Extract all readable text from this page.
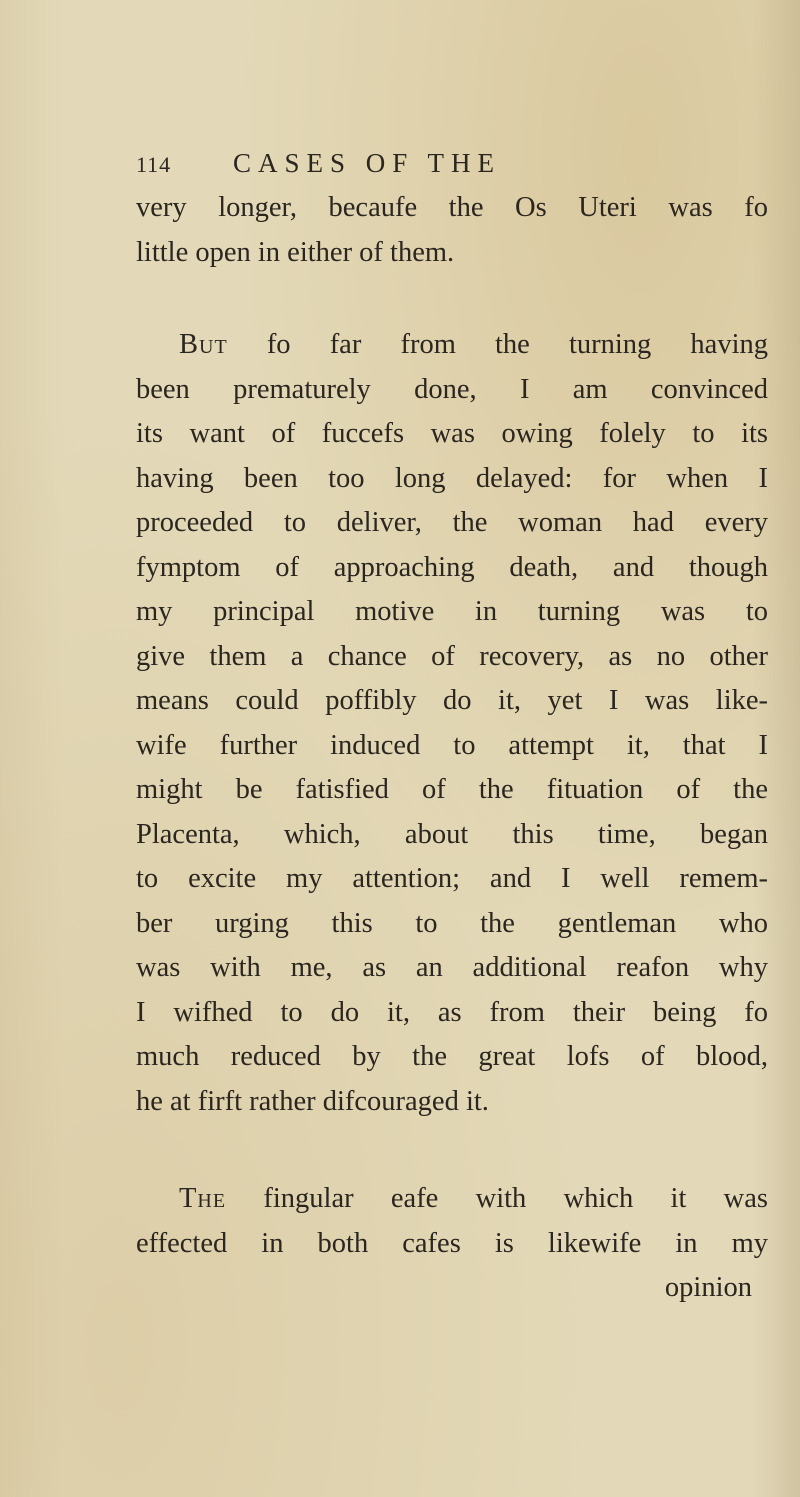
114 CASES OF THE
very longer, becaufe the Os Uteri was fo
little open in either of them.
But fo far from the turning having
been prematurely done, I am convinced
its want of fuccefs was owing folely to its
having been too long delayed: for when I
proceeded to deliver, the woman had every
fymptom of approaching death, and though
my principal motive in turning was to
give them a chance of recovery, as no other
means could poffibly do it, yet I was like-
wife further induced to attempt it, that I
might be fatisfied of the fituation of the
Placenta, which, about this time, began
to excite my attention; and I well remem-
ber urging this to the gentleman who
was with me, as an additional reafon why
I wifhed to do it, as from their being fo
much reduced by the great lofs of blood,
he at firft rather difcouraged it.
The fingular eafe with which it was
effected in both cafes is likewife in my
opinion
